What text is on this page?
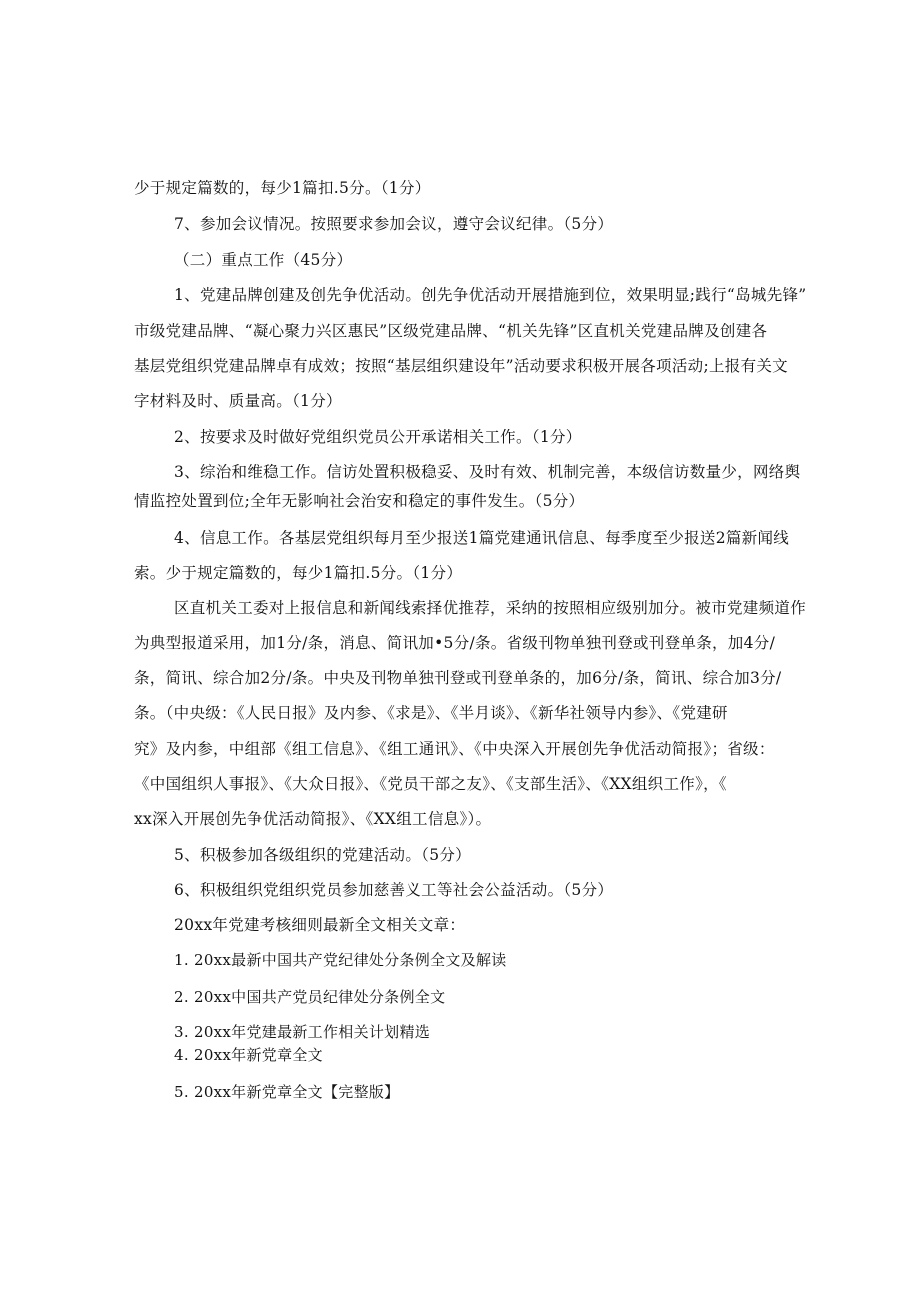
少于规定篇数的，每少1篇扣.5分。（1分）
7、参加会议情况。按照要求参加会议，遵守会议纪律。（5分）
（二）重点工作（45分）
1、党建品牌创建及创先争优活动。创先争优活动开展措施到位，效果明显;践行“岛城先锋”
市级党建品牌、“凝心聚力兴区惠民”区级党建品牌、“机关先锋”区直机关党建品牌及创建各
基层党组织党建品牌卓有成效；按照“基层组织建设年”活动要求积极开展各项活动;上报有关文
字材料及时、质量高。（1分）
2、按要求及时做好党组织党员公开承诺相关工作。（1分）
3、综治和维稳工作。信访处置积极稳妥、及时有效、机制完善，本级信访数量少，网络舆
情监控处置到位;全年无影响社会治安和稳定的事件发生。（5分）
4、信息工作。各基层党组织每月至少报送1篇党建通讯信息、每季度至少报送2篇新闻线
索。少于规定篇数的，每少1篇扣.5分。（1分）
区直机关工委对上报信息和新闻线索择优推荐，采纳的按照相应级别加分。被市党建频道作
为典型报道采用，加1分/条，消息、简讯加•5分/条。省级刊物单独刊登或刊登单条，加4分/
条，简讯、综合加2分/条。中央及刊物单独刊登或刊登单条的，加6分/条，简讯、综合加3分/
条。（中央级：《人民日报》及内参、《求是》、《半月谈》、《新华社领导内参》、《党建研
究》及内参，中组部《组工信息》、《组工通讯》、《中央深入开展创先争优活动简报》；省级：
《中国组织人事报》、《大众日报》、《党员干部之友》、《支部生活》、《XX组织工作》，《
xx深入开展创先争优活动简报》、《XX组工信息》）。
5、积极参加各级组织的党建活动。（5分）
6、积极组织党组织党员参加慈善义工等社会公益活动。（5分）
20xx年党建考核细则最新全文相关文章：
1. 20xx最新中国共产党纪律处分条例全文及解读
2. 20xx中国共产党员纪律处分条例全文
3. 20xx年党建最新工作相关计划精选
4. 20xx年新党章全文
5. 20xx年新党章全文【完整版】
